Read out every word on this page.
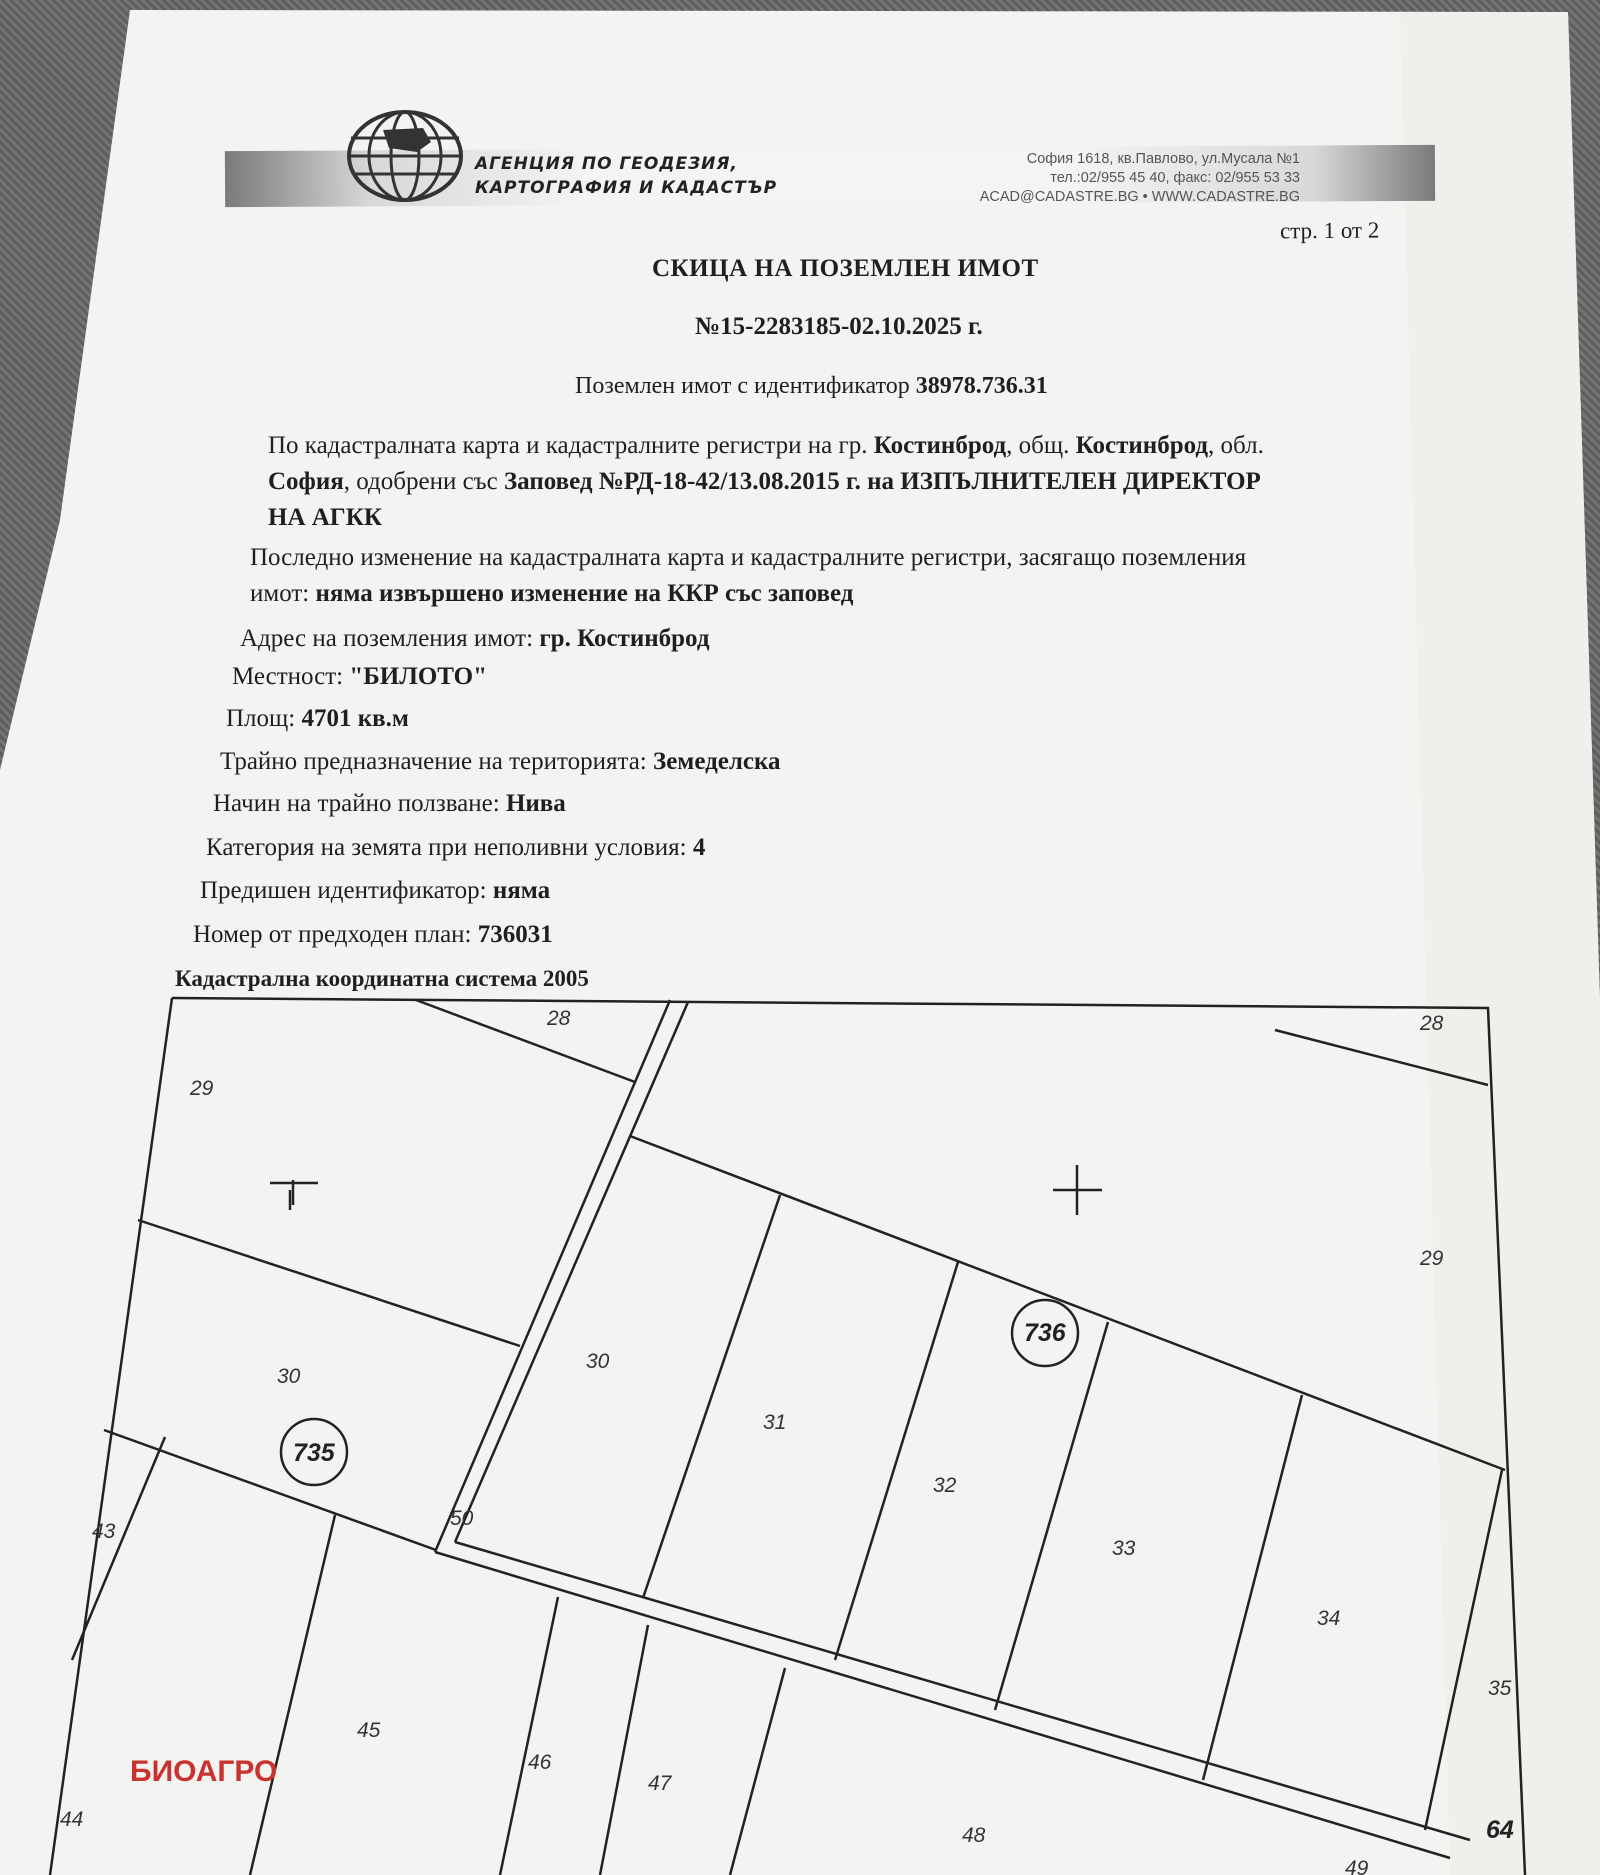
АГЕНЦИЯ ПО ГЕОДЕЗИЯ,
КАРТОГРАФИЯ И КАДАСТЪР
София 1618, кв.Павлово, ул.Мусала №1
тел.:02/955 45 40, факс: 02/955 53 33
ACAD@CADASTRE.BG • WWW.CADASTRE.BG
стр. 1 от 2
СКИЦА НА ПОЗЕМЛЕН ИМОТ
№15-2283185-02.10.2025 г.
Поземлен имот с идентификатор 38978.736.31
По кадастралната карта и кадастралните регистри на гр. Костинброд, общ. Костинброд, обл.
София, одобрени със Заповед №РД-18-42/13.08.2015 г. на ИЗПЪЛНИТЕЛЕН ДИРЕКТОР
НА АГКК
Последно изменение на кадастралната карта и кадастралните регистри, засягащо поземления
имот: няма извършено изменение на ККР със заповед
Адрес на поземления имот: гр. Костинброд
Местност: "БИЛОТО"
Площ: 4701 кв.м
Трайно предназначение на територията: Земеделска
Начин на трайно ползване: Нива
Категория на земята при неполивни условия: 4
Предишен идентификатор: няма
Номер от предходен план: 736031
Кадастрална координатна система 2005
28
29
30
735
43
50
44
45
46
47
48
28
29
736
30
31
32
33
34
35
49
64
БИОАГРО
